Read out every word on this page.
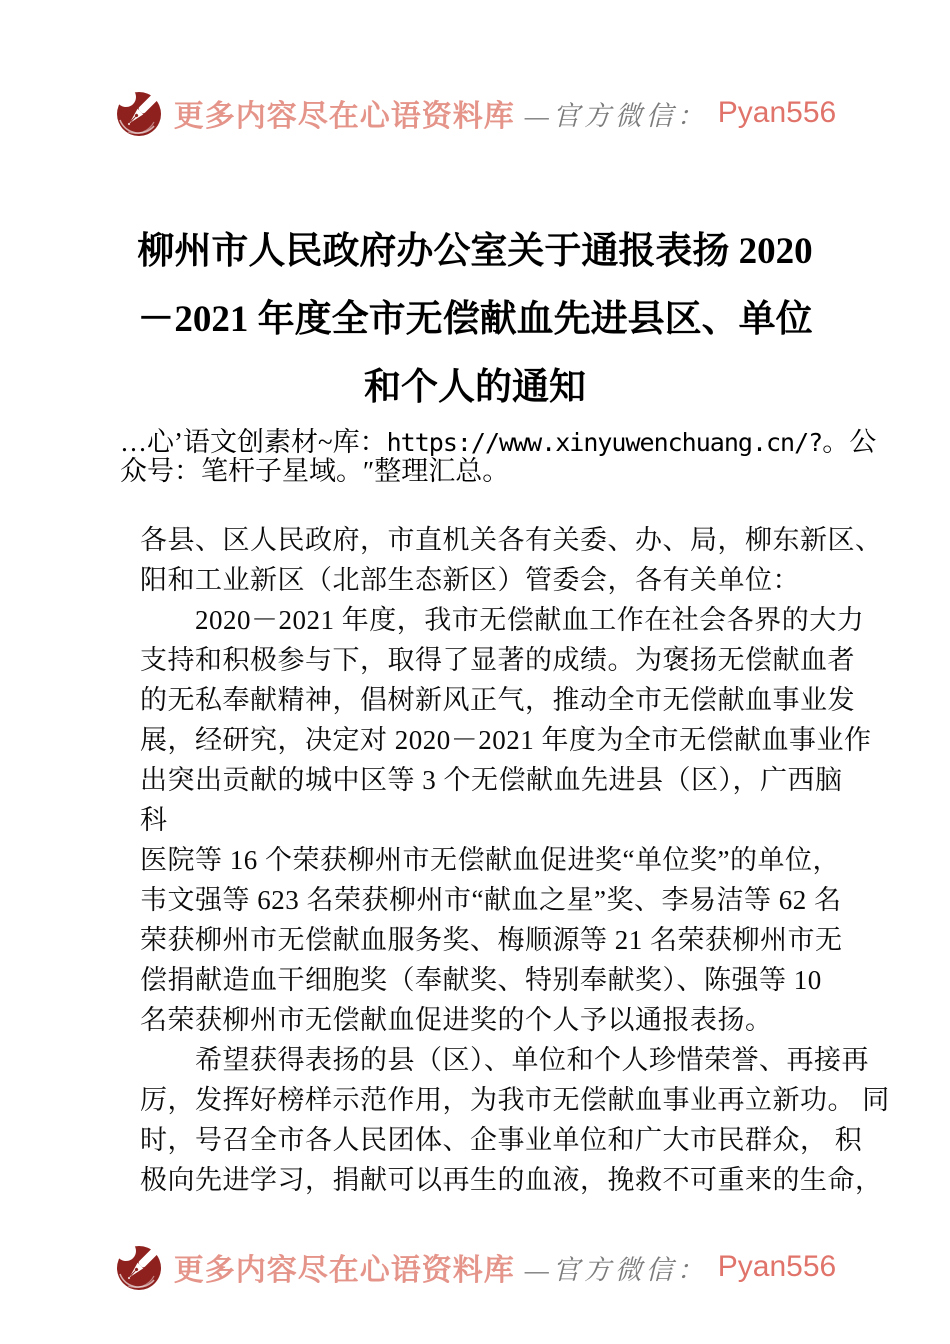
更多内容尽在心语资料库 —官方微信： Pyan556
柳州市人民政府办公室关于通报表扬 2020
－2021 年度全市无偿献血先进县区、单位
和个人的通知
…心’语文创素材~库：https://www.xinyuwenchuang.cn/?。公
众号：笔杆子星域。″整理汇总。
各县、区人民政府，市直机关各有关委、办、局，柳东新区、
阳和工业新区（北部生态新区）管委会，各有关单位：
　　2020－2021 年度，我市无偿献血工作在社会各界的大力
支持和积极参与下，取得了显著的成绩。为褒扬无偿献血者
的无私奉献精神，倡树新风正气，推动全市无偿献血事业发
展，经研究，决定对 2020－2021 年度为全市无偿献血事业作
出突出贡献的城中区等 3 个无偿献血先进县（区），广西脑
科
医院等 16 个荣获柳州市无偿献血促进奖“单位奖”的单位，
韦文强等 623 名荣获柳州市“献血之星”奖、李易洁等 62 名
荣获柳州市无偿献血服务奖、梅顺源等 21 名荣获柳州市无
偿捐献造血干细胞奖（奉献奖、特别奉献奖）、陈强等 10
名荣获柳州市无偿献血促进奖的个人予以通报表扬。
　　希望获得表扬的县（区）、单位和个人珍惜荣誉、再接再
厉，发挥好榜样示范作用，为我市无偿献血事业再立新功。 同
时，号召全市各人民团体、企事业单位和广大市民群众， 积
极向先进学习，捐献可以再生的血液，挽救不可重来的生命，
更多内容尽在心语资料库 —官方微信： Pyan556
